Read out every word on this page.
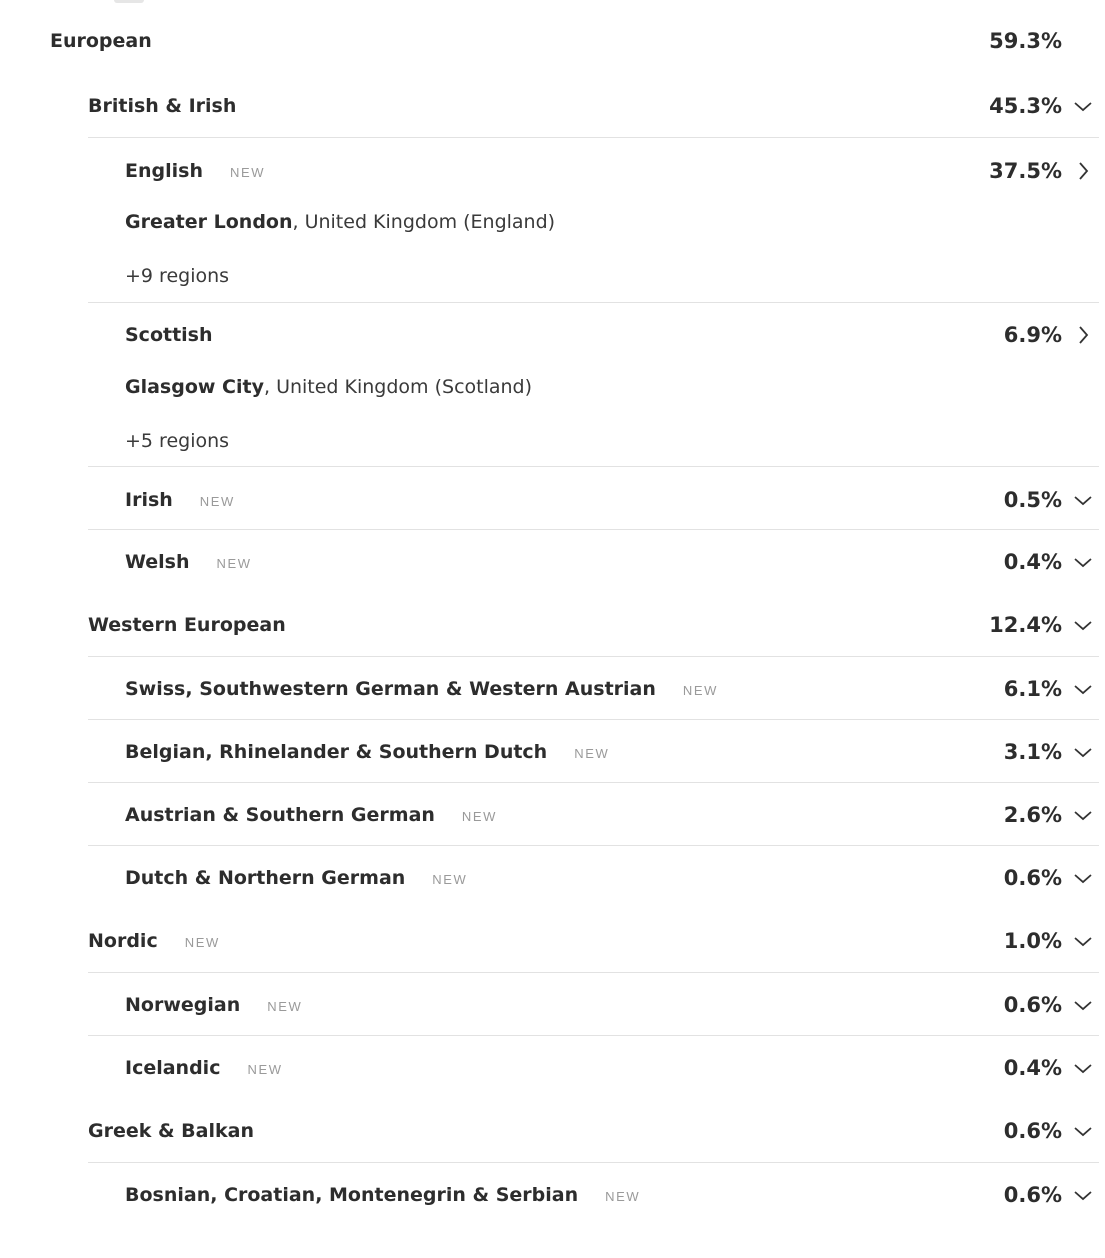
European	59.3%
British & Irish	45.3%
English NEW	37.5%
Greater London, United Kingdom (England)
+9 regions
Scottish	6.9%
Glasgow City, United Kingdom (Scotland)
+5 regions
Irish NEW	0.5%
Welsh NEW	0.4%
Western European	12.4%
Swiss, Southwestern German & Western Austrian NEW	6.1%
Belgian, Rhinelander & Southern Dutch NEW	3.1%
Austrian & Southern German NEW	2.6%
Dutch & Northern German NEW	0.6%
Nordic NEW	1.0%
Norwegian NEW	0.6%
Icelandic NEW	0.4%
Greek & Balkan	0.6%
Bosnian, Croatian, Montenegrin & Serbian NEW	0.6%
